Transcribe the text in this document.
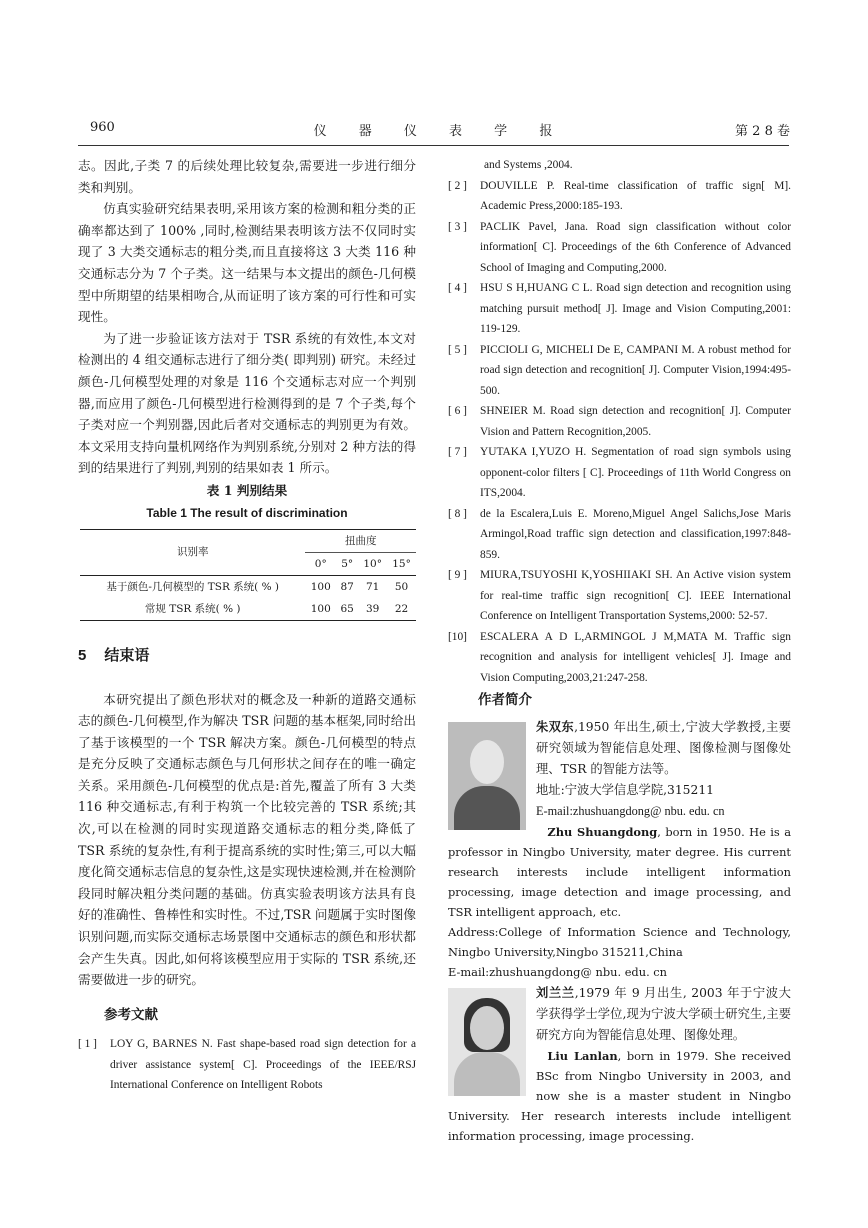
960	仪 器 仪 表 学 报	第 2 8 卷

志。因此,子类 7 的后续处理比较复杂,需要进一步进行细分类和判别。

仿真实验研究结果表明,采用该方案的检测和粗分类的正确率都达到了 100% ,同时,检测结果表明该方法不仅同时实现了 3 大类交通标志的粗分类,而且直接将这 3 大类 116 种交通标志分为 7 个子类。这一结果与本文提出的颜色-几何模型中所期望的结果相吻合,从而证明了该方案的可行性和可实现性。

为了进一步验证该方法对于 TSR 系统的有效性,本文对检测出的 4 组交通标志进行了细分类( 即判别) 研究。未经过颜色-几何模型处理的对象是 116 个交通标志对应一个判别器,而应用了颜色-几何模型进行检测得到的是 7 个子类,每个子类对应一个判别器,因此后者对交通标志的判别更为有效。本文采用支持向量机网络作为判别系统,分别对 2 种方法的得到的结果进行了判别,判别的结果如表 1 所示。

表 1 判别结果
Table 1 The result of discrimination
识别率	扭曲度			
	0°	5°	10°	15°
基于颜色-几何模型的 TSR 系统( % )	100	87	71	50
常规 TSR 系统( % )	100	65	39	22
5 结束语

本研究提出了颜色形状对的概念及一种新的道路交通标志的颜色-几何模型,作为解决 TSR 问题的基本框架,同时给出了基于该模型的一个 TSR 解决方案。颜色-几何模型的特点是充分反映了交通标志颜色与几何形状之间存在的唯一确定关系。采用颜色-几何模型的优点是:首先,覆盖了所有 3 大类 116 种交通标志,有利于构筑一个比较完善的 TSR 系统;其次,可以在检测的同时实现道路交通标志的粗分类,降低了 TSR 系统的复杂性,有利于提高系统的实时性;第三,可以大幅度化简交通标志信息的复杂性,这是实现快速检测,并在检测阶段同时解决粗分类问题的基础。仿真实验表明该方法具有良好的准确性、鲁棒性和实时性。不过,TSR 问题属于实时图像识别问题,而实际交通标志场景图中交通标志的颜色和形状都会产生失真。因此,如何将该模型应用于实际的 TSR 系统,还需要做进一步的研究。

参考文献
[ 1 ]	LOY G, BARNES N. Fast shape-based road sign detection for a driver assistance system[ C]. Proceedings of the IEEE/RSJ International Conference on Intelligent Robots
and Systems ,2004.
[ 2 ]	DOUVILLE P. Real-time classification of traffic sign[ M]. Academic Press,2000:185-193.
[ 3 ]	PACLIK Pavel, Jana. Road sign classification without color information[ C]. Proceedings of the 6th Conference of Advanced School of Imaging and Computing,2000.
[ 4 ]	HSU S H,HUANG C L. Road sign detection and recognition using matching pursuit method[ J]. Image and Vision Computing,2001: 119-129.
[ 5 ]	PICCIOLI G, MICHELI De E, CAMPANI M. A robust method for road sign detection and recognition[ J]. Computer Vision,1994:495-500.
[ 6 ]	SHNEIER M. Road sign detection and recognition[ J]. Computer Vision and Pattern Recognition,2005.
[ 7 ]	YUTAKA I,YUZO H. Segmentation of road sign symbols using opponent-color filters [ C]. Proceedings of 11th World Congress on ITS,2004.
[ 8 ]	de la Escalera,Luis E. Moreno,Miguel Angel Salichs,Jose Maris Armingol,Road traffic sign detection and classification,1997:848-859.
[ 9 ]	MIURA,TSUYOSHI K,YOSHIIAKI SH. An Active vision system for real-time traffic sign recognition[ C]. IEEE International Conference on Intelligent Transportation Systems,2000: 52-57.
[10]	ESCALERA A D L,ARMINGOL J M,MATA M. Traffic sign recognition and analysis for intelligent vehicles[ J]. Image and Vision Computing,2003,21:247-258.
作者简介

朱双东,1950 年出生,硕士,宁波大学教授,主要研究领域为智能信息处理、图像检测与图像处理、TSR 的智能方法等。

地址:宁波大学信息学院,315211

E-mail:zhushuangdong@ nbu. edu. cn

Zhu Shuangdong, born in 1950. He is a professor in Ningbo University, mater degree. His current research interests include intelligent information processing, image detection and image processing, and TSR intelligent approach, etc.

Address:College of Information Science and Technology, Ningbo University,Ningbo 315211,China

E-mail:zhushuangdong@ nbu. edu. cn

刘兰兰,1979 年 9 月出生, 2003 年于宁波大学获得学士学位,现为宁波大学硕士研究生,主要研究方向为智能信息处理、图像处理。

Liu Lanlan, born in 1979. She received BSc from Ningbo University in 2003, and now she is a master student in Ningbo University. Her research interests include intelligent information processing, image processing.
